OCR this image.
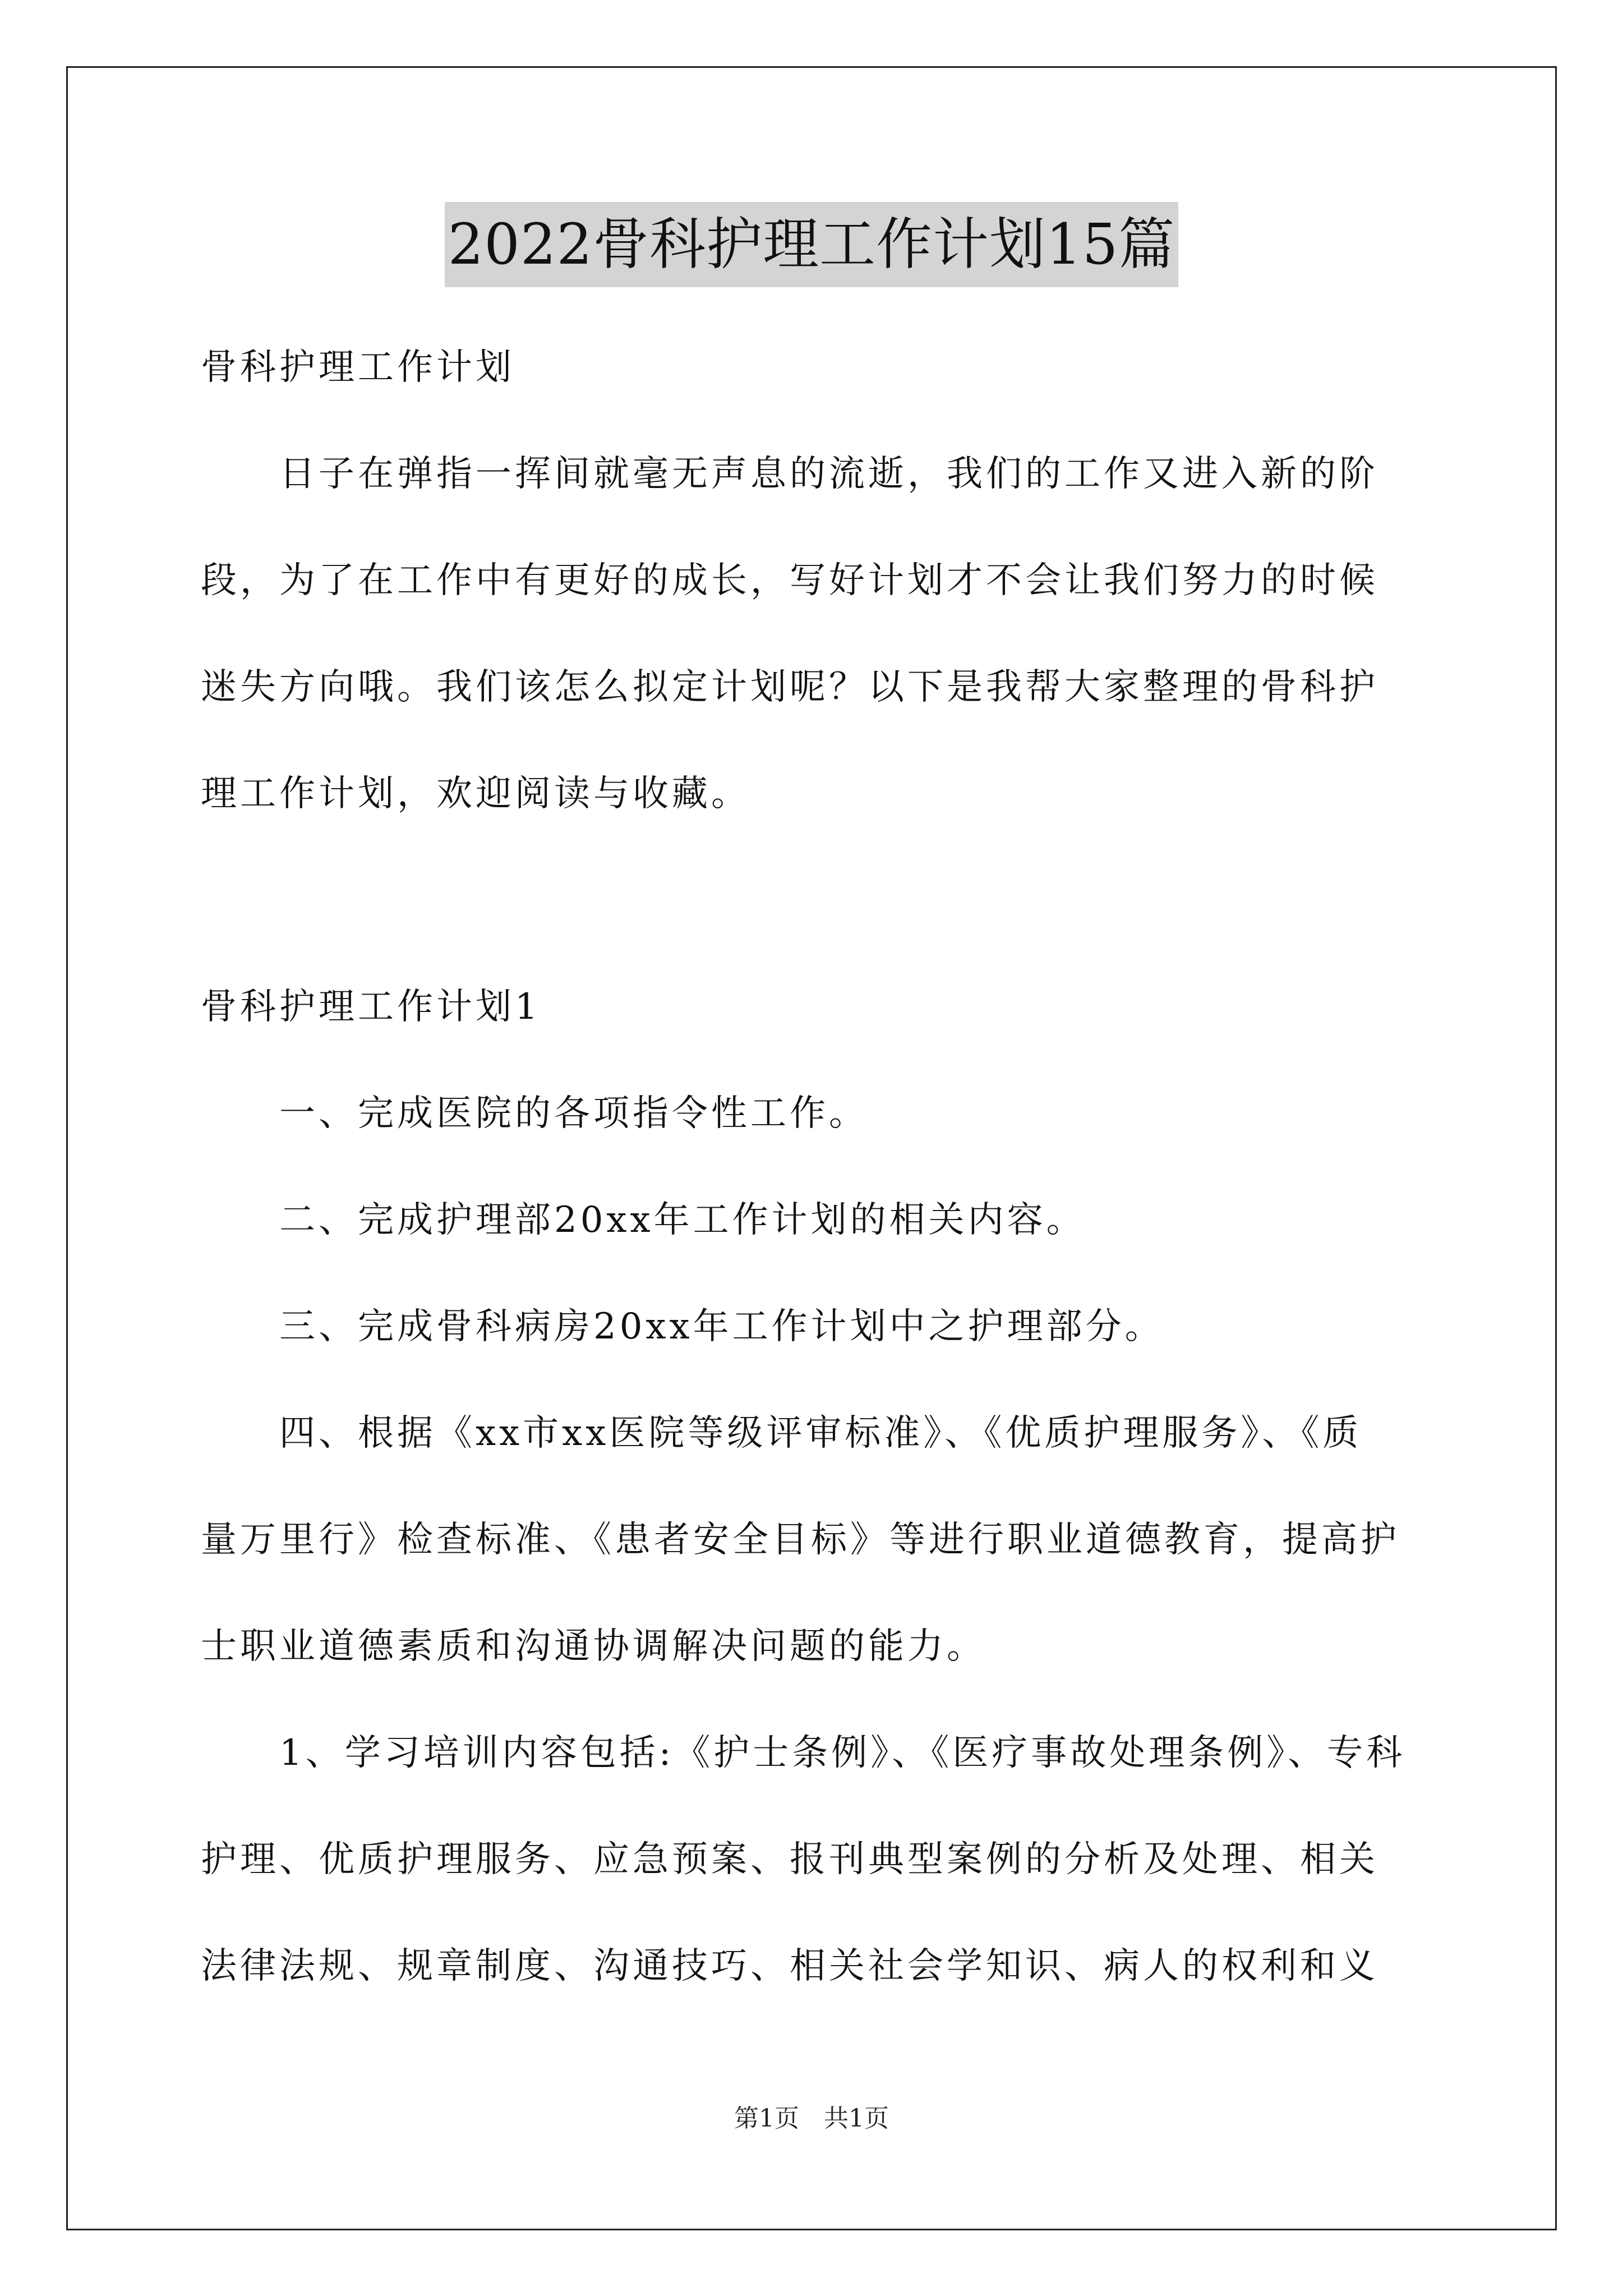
2022骨科护理工作计划15篇
骨科护理工作计划
日子在弹指一挥间就毫无声息的流逝，我们的工作又进入新的阶
段，为了在工作中有更好的成长，写好计划才不会让我们努力的时候
迷失方向哦。我们该怎么拟定计划呢？以下是我帮大家整理的骨科护
理工作计划，欢迎阅读与收藏。
骨科护理工作计划1
一、完成医院的各项指令性工作。
二、完成护理部20xx年工作计划的相关内容。
三、完成骨科病房20xx年工作计划中之护理部分。
四、根据《xx市xx医院等级评审标准》、《优质护理服务》、《质
量万里行》检查标准、《患者安全目标》等进行职业道德教育，提高护
士职业道德素质和沟通协调解决问题的能力。
1、学习培训内容包括:《护士条例》、《医疗事故处理条例》、专科
护理、优质护理服务、应急预案、报刊典型案例的分析及处理、相关
法律法规、规章制度、沟通技巧、相关社会学知识、病人的权利和义
第1页　共1页
